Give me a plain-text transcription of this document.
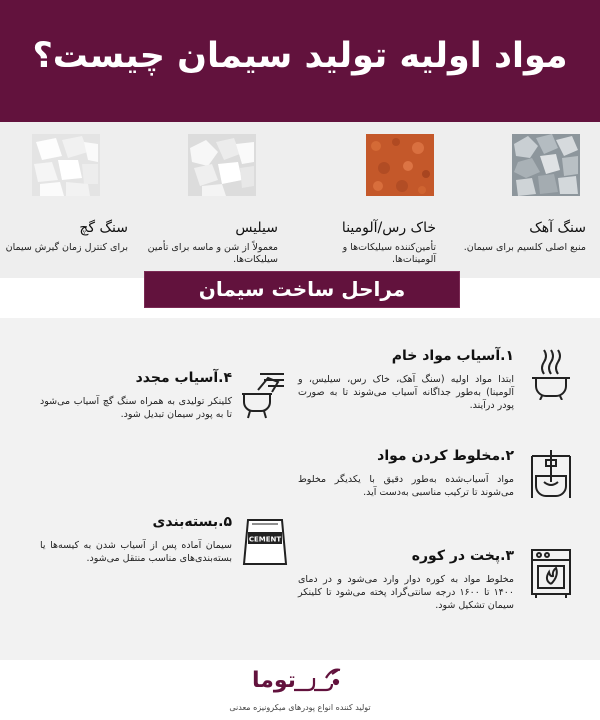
مواد اولیه تولید سیمان چیست؟
سنگ آهک
منبع اصلی کلسیم برای سیمان.
خاک رس/آلومینا
تأمین‌کننده سیلیکات‌ها و آلومینات‌ها.
سیلیس
معمولاً از شن و ماسه برای تأمین سیلیکات‌ها.
سنگ گچ
برای کنترل زمان گیرش سیمان
مراحل ساخت سیمان
۱.آسیاب مواد خام
ابتدا مواد اولیه (سنگ آهک، خاک رس، سیلیس، و آلومینا) به‌طور جداگانه آسیاب می‌شوند تا به صورت پودر درآیند.
۲.مخلوط کردن مواد
مواد آسیاب‌شده به‌طور دقیق با یکدیگر مخلوط می‌شوند تا ترکیب مناسبی به‌دست آید.
۳.پخت در کوره
مخلوط مواد به کوره دوار وارد می‌شود و در دمای ۱۴۰۰ تا ۱۶۰۰ درجه سانتی‌گراد پخته می‌شود تا کلینکر سیمان تشکیل شود.
۴.آسیاب مجدد
کلینکر تولیدی به همراه سنگ گچ آسیاب می‌شود تا به پودر سیمان تبدیل شود.
CEMENT
۵.بسته‌بندی
سیمان آماده پس از آسیاب شدن به کیسه‌ها یا بسته‌بندی‌های مناسب منتقل می‌شود.
توما
تولید کننده انواع پودرهای میکرونیزه معدنی
